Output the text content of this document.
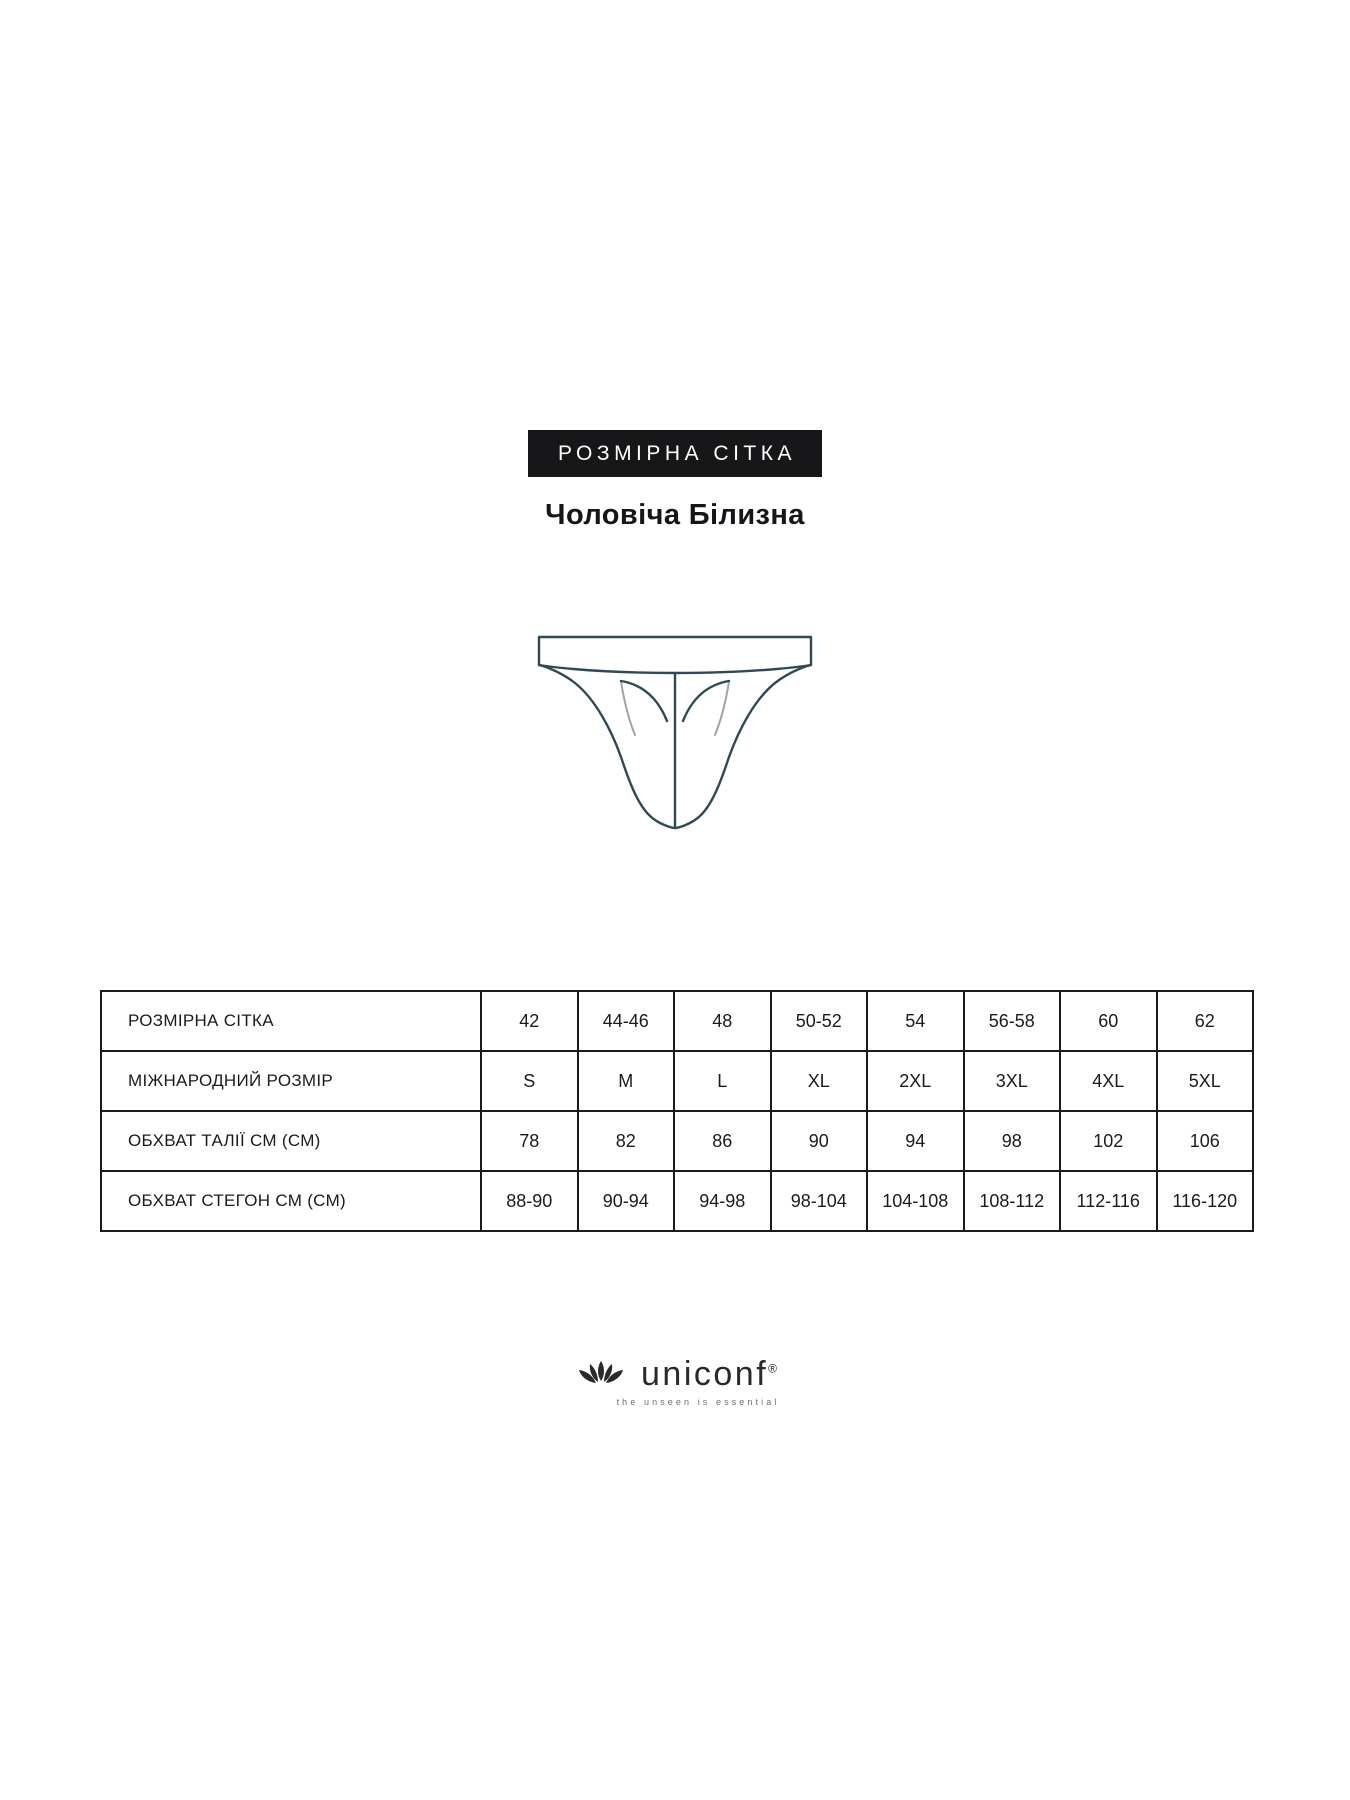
РОЗМІРНА СІТКА
Чоловіча Білизна
РОЗМІРНА СІТКА	42	44-46	48	50-52	54	56-58	60	62
МІЖНАРОДНИЙ РОЗМІР	S	M	L	XL	2XL	3XL	4XL	5XL
ОБХВАТ ТАЛІЇ СМ (СМ)	78	82	86	90	94	98	102	106
ОБХВАТ СТЕГОН СМ (СМ)	88-90	90-94	94-98	98-104	104-108	108-112	112-116	116-120
uniconf®
the unseen is essential
